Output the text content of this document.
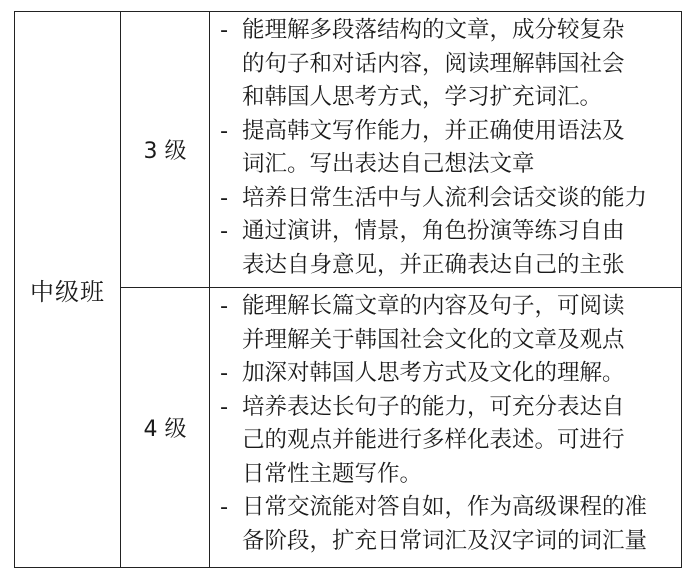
中级班
3 级
- 能理解多段落结构的文章，成分较复杂
的句子和对话内容，阅读理解韩国社会
和韩国人思考方式，学习扩充词汇。
- 提高韩文写作能力，并正确使用语法及
词汇。写出表达自己想法文章
- 培养日常生活中与人流利会话交谈的能力
- 通过演讲，情景，角色扮演等练习自由
表达自身意见，并正确表达自己的主张
4 级
- 能理解长篇文章的内容及句子，可阅读
并理解关于韩国社会文化的文章及观点
- 加深对韩国人思考方式及文化的理解。
- 培养表达长句子的能力，可充分表达自
己的观点并能进行多样化表述。可进行
日常性主题写作。
- 日常交流能对答自如，作为高级课程的准
备阶段，扩充日常词汇及汉字词的词汇量
